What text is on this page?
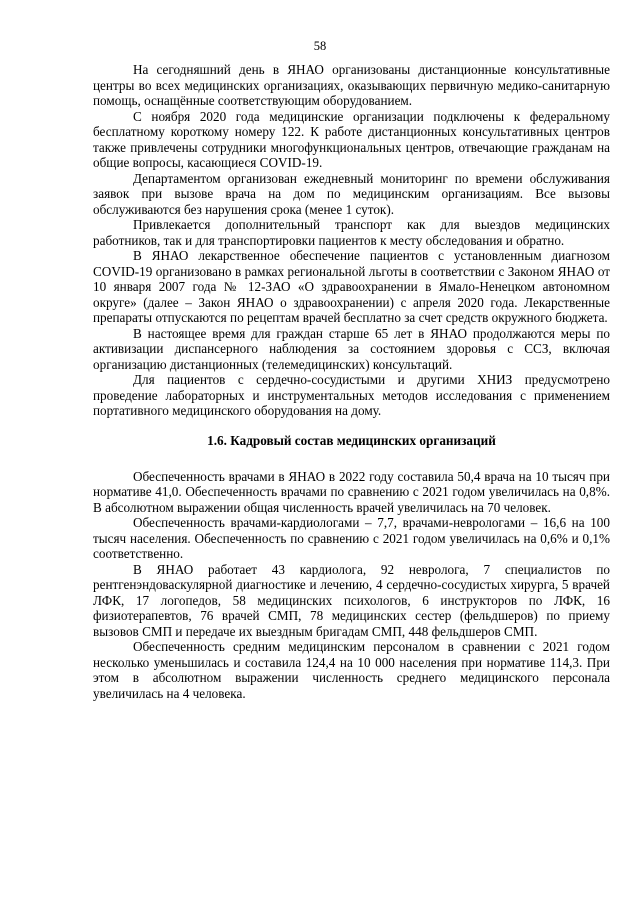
58

На сегодняшний день в ЯНАО организованы дистанционные консультативные центры во всех медицинских организациях, оказывающих первичную медико-санитарную помощь, оснащённые соответствующим оборудованием.

С ноября 2020 года медицинские организации подключены к федеральному бесплатному короткому номеру 122. К работе дистанционных консультативных центров также привлечены сотрудники многофункциональных центров, отвечающие гражданам на общие вопросы, касающиеся COVID-19.

Департаментом организован ежедневный мониторинг по времени обслуживания заявок при вызове врача на дом по медицинским организациям. Все вызовы обслуживаются без нарушения срока (менее 1 суток).

Привлекается дополнительный транспорт как для выездов медицинских работников, так и для транспортировки пациентов к месту обследования и обратно.

В ЯНАО лекарственное обеспечение пациентов с установленным диагнозом COVID-19 организовано в рамках региональной льготы в соответствии с Законом ЯНАО от 10 января 2007 года № 12-ЗАО «О здравоохранении в Ямало-Ненецком автономном округе» (далее – Закон ЯНАО о здравоохранении) с апреля 2020 года. Лекарственные препараты отпускаются по рецептам врачей бесплатно за счет средств окружного бюджета.

В настоящее время для граждан старше 65 лет в ЯНАО продолжаются меры по активизации диспансерного наблюдения за состоянием здоровья с ССЗ, включая организацию дистанционных (телемедицинских) консультаций.

Для пациентов с сердечно-сосудистыми и другими ХНИЗ предусмотрено проведение лабораторных и инструментальных методов исследования с применением портативного медицинского оборудования на дому.

1.6. Кадровый состав медицинских организаций

Обеспеченность врачами в ЯНАО в 2022 году составила 50,4 врача на 10 тысяч при нормативе 41,0. Обеспеченность врачами по сравнению с 2021 годом увеличилась на 0,8%. В абсолютном выражении общая численность врачей увеличилась на 70 человек.

Обеспеченность врачами-кардиологами – 7,7, врачами-неврологами – 16,6 на 100 тысяч населения. Обеспеченность по сравнению с 2021 годом увеличилась на 0,6% и 0,1% соответственно.

В ЯНАО работает 43 кардиолога, 92 невролога, 7 специалистов по рентгенэндоваскулярной диагностике и лечению, 4 сердечно-сосудистых хирурга, 5 врачей ЛФК, 17 логопедов, 58 медицинских психологов, 6 инструкторов по ЛФК, 16 физиотерапевтов, 76 врачей СМП, 78 медицинских сестер (фельдшеров) по приему вызовов СМП и передаче их выездным бригадам СМП, 448 фельдшеров СМП.

Обеспеченность средним медицинским персоналом в сравнении с 2021 годом несколько уменьшилась и составила 124,4 на 10 000 населения при нормативе 114,3. При этом в абсолютном выражении численность среднего медицинского персонала увеличилась на 4 человека.
